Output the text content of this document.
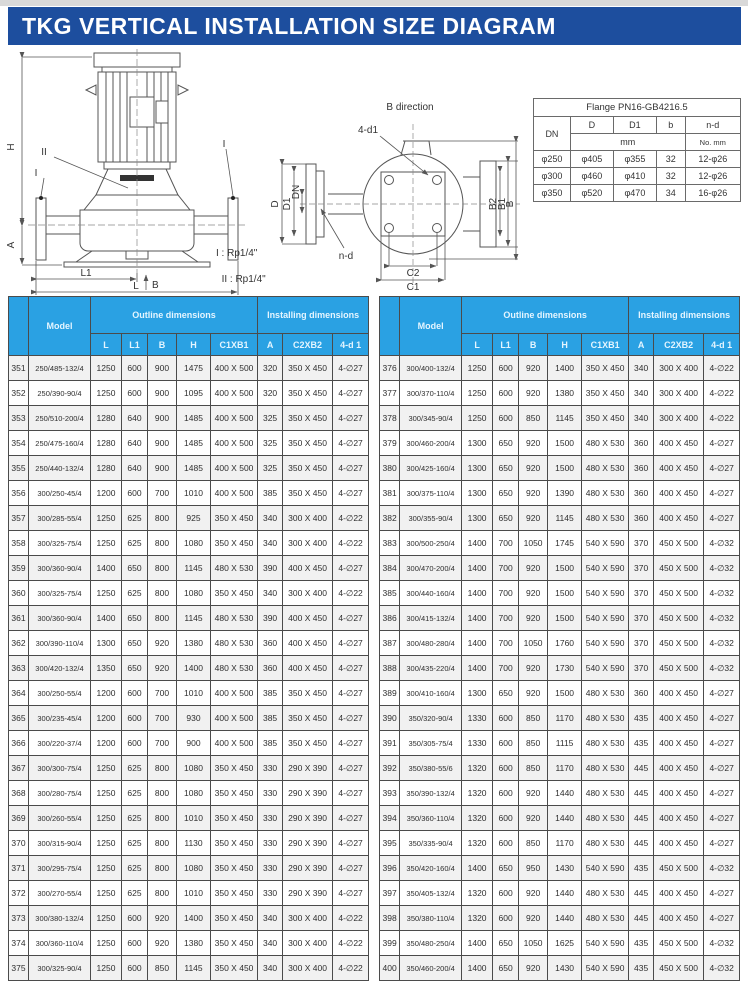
TKG VERTICAL INSTALLATION SIZE DIAGRAM
H
A
L1
L B
II
I
I
I : Rp1/4"

II : Rp1/4"
B direction
4-d1
D D1
DN
n-d
B2
B1
B
C2
C1
Flange PN16-GB4216.5				
DN	D	D1	b	n-d
	mm			No. mm
φ250	φ405	φ355	32	12-φ26
φ300	φ460	φ410	32	12-φ26
φ350	φ520	φ470	34	16-φ26
	Model	Outline dimensions					Installing dimensions		
		L	L1	B	H	C1XB1	A	C2XB2	4-d 1
351	250/485-132/4	1250	600	900	1475	400 X 500	320	350 X 450	4-∅27
352	250/390-90/4	1250	600	900	1095	400 X 500	320	350 X 450	4-∅27
353	250/510-200/4	1280	640	900	1485	400 X 500	325	350 X 450	4-∅27
354	250/475-160/4	1280	640	900	1485	400 X 500	325	350 X 450	4-∅27
355	250/440-132/4	1280	640	900	1485	400 X 500	325	350 X 450	4-∅27
356	300/250-45/4	1200	600	700	1010	400 X 500	385	350 X 450	4-∅27
357	300/285-55/4	1250	625	800	925	350 X 450	340	300 X 400	4-∅22
358	300/325-75/4	1250	625	800	1080	350 X 450	340	300 X 400	4-∅22
359	300/360-90/4	1400	650	800	1145	480 X 530	390	400 X 450	4-∅27
360	300/325-75/4	1250	625	800	1080	350 X 450	340	300 X 400	4-∅22
361	300/360-90/4	1400	650	800	1145	480 X 530	390	400 X 450	4-∅27
362	300/390-110/4	1300	650	920	1380	480 X 530	360	400 X 450	4-∅27
363	300/420-132/4	1350	650	920	1400	480 X 530	360	400 X 450	4-∅27
364	300/250-55/4	1200	600	700	1010	400 X 500	385	350 X 450	4-∅27
365	300/235-45/4	1200	600	700	930	400 X 500	385	350 X 450	4-∅27
366	300/220-37/4	1200	600	700	900	400 X 500	385	350 X 450	4-∅27
367	300/300-75/4	1250	625	800	1080	350 X 450	330	290 X 390	4-∅27
368	300/280-75/4	1250	625	800	1080	350 X 450	330	290 X 390	4-∅27
369	300/260-55/4	1250	625	800	1010	350 X 450	330	290 X 390	4-∅27
370	300/315-90/4	1250	625	800	1130	350 X 450	330	290 X 390	4-∅27
371	300/295-75/4	1250	625	800	1080	350 X 450	330	290 X 390	4-∅27
372	300/270-55/4	1250	625	800	1010	350 X 450	330	290 X 390	4-∅27
373	300/380-132/4	1250	600	920	1400	350 X 450	340	300 X 400	4-∅22
374	300/360-110/4	1250	600	920	1380	350 X 450	340	300 X 400	4-∅22
375	300/325-90/4	1250	600	850	1145	350 X 450	340	300 X 400	4-∅22
	Model	Outline dimensions					Installing dimensions		
		L	L1	B	H	C1XB1	A	C2XB2	4-d 1
376	300/400-132/4	1250	600	920	1400	350 X 450	340	300 X 400	4-∅22
377	300/370-110/4	1250	600	920	1380	350 X 450	340	300 X 400	4-∅22
378	300/345-90/4	1250	600	850	1145	350 X 450	340	300 X 400	4-∅22
379	300/460-200/4	1300	650	920	1500	480 X 530	360	400 X 450	4-∅27
380	300/425-160/4	1300	650	920	1500	480 X 530	360	400 X 450	4-∅27
381	300/375-110/4	1300	650	920	1390	480 X 530	360	400 X 450	4-∅27
382	300/355-90/4	1300	650	920	1145	480 X 530	360	400 X 450	4-∅27
383	300/500-250/4	1400	700	1050	1745	540 X 590	370	450 X 500	4-∅32
384	300/470-200/4	1400	700	920	1500	540 X 590	370	450 X 500	4-∅32
385	300/440-160/4	1400	700	920	1500	540 X 590	370	450 X 500	4-∅32
386	300/415-132/4	1400	700	920	1500	540 X 590	370	450 X 500	4-∅32
387	300/480-280/4	1400	700	1050	1760	540 X 590	370	450 X 500	4-∅32
388	300/435-220/4	1400	700	920	1730	540 X 590	370	450 X 500	4-∅32
389	300/410-160/4	1300	650	920	1500	480 X 530	360	400 X 450	4-∅27
390	350/320-90/4	1330	600	850	1170	480 X 530	435	400 X 450	4-∅27
391	350/305-75/4	1330	600	850	1115	480 X 530	435	400 X 450	4-∅27
392	350/380-55/6	1320	600	850	1170	480 X 530	445	400 X 450	4-∅27
393	350/390-132/4	1320	600	920	1440	480 X 530	445	400 X 450	4-∅27
394	350/360-110/4	1320	600	920	1440	480 X 530	445	400 X 450	4-∅27
395	350/335-90/4	1320	600	850	1170	480 X 530	445	400 X 450	4-∅27
396	350/420-160/4	1400	650	950	1430	540 X 590	435	450 X 500	4-∅32
397	350/405-132/4	1320	600	920	1440	480 X 530	445	400 X 450	4-∅27
398	350/380-110/4	1320	600	920	1440	480 X 530	445	400 X 450	4-∅27
399	350/480-250/4	1400	650	1050	1625	540 X 590	435	450 X 500	4-∅32
400	350/460-200/4	1400	650	920	1430	540 X 590	435	450 X 500	4-∅32
